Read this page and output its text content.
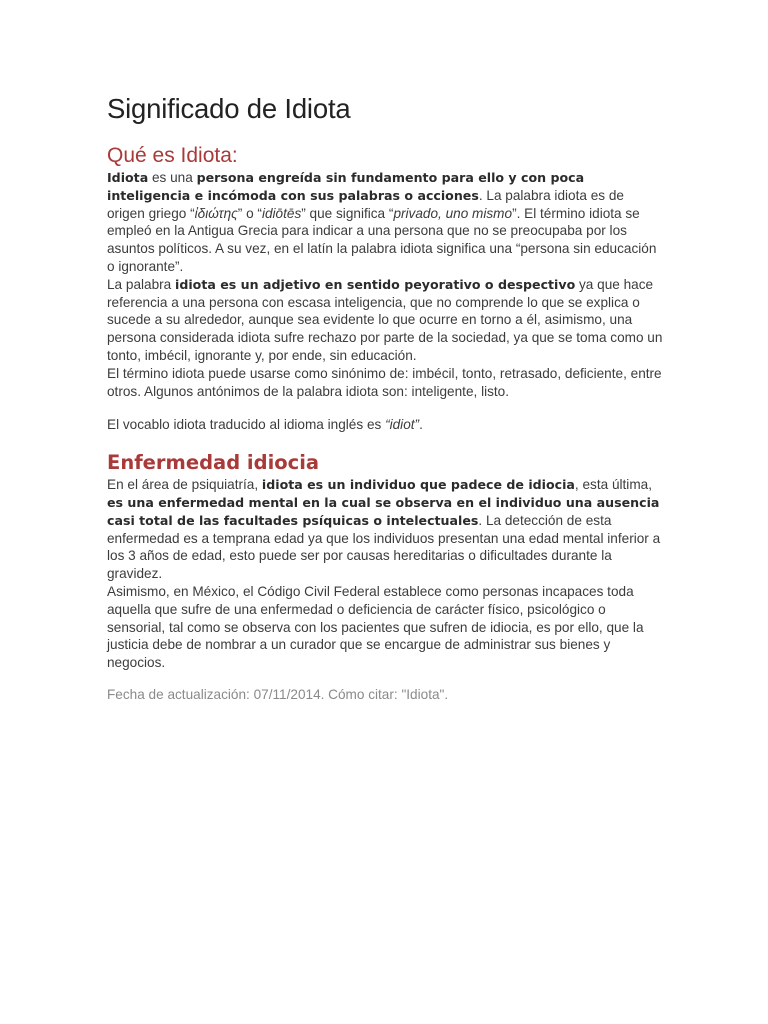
Significado de Idiota
Qué es Idiota:

Idiota es una persona engreída sin fundamento para ello y con poca inteligencia e incómoda con sus palabras o acciones. La palabra idiota es de origen griego “ἰδιώτης” o “idiōtēs” que significa “privado, uno mismo”. El término idiota se empleó en la Antigua Grecia para indicar a una persona que no se preocupaba por los asuntos políticos. A su vez, en el latín la palabra idiota significa una “persona sin educación o ignorante”.

La palabra idiota es un adjetivo en sentido peyorativo o despectivo ya que hace referencia a una persona con escasa inteligencia, que no comprende lo que se explica o sucede a su alrededor, aunque sea evidente lo que ocurre en torno a él, asimismo, una persona considerada idiota sufre rechazo por parte de la sociedad, ya que se toma como un tonto, imbécil, ignorante y, por ende, sin educación.

El término idiota puede usarse como sinónimo de: imbécil, tonto, retrasado, deficiente, entre otros. Algunos antónimos de la palabra idiota son: inteligente, listo.

El vocablo idiota traducido al idioma inglés es “idiot”.

Enfermedad idiocia

En el área de psiquiatría, idiota es un individuo que padece de idiocia, esta última, es una enfermedad mental en la cual se observa en el individuo una ausencia casi total de las facultades psíquicas o intelectuales. La detección de esta enfermedad es a temprana edad ya que los individuos presentan una edad mental inferior a los 3 años de edad, esto puede ser por causas hereditarias o dificultades durante la gravidez.

Asimismo, en México, el Código Civil Federal establece como personas incapaces toda aquella que sufre de una enfermedad o deficiencia de carácter físico, psicológico o sensorial, tal como se observa con los pacientes que sufren de idiocia, es por ello, que la justicia debe de nombrar a un curador que se encargue de administrar sus bienes y negocios.

Fecha de actualización: 07/11/2014. Cómo citar: "Idiota".
